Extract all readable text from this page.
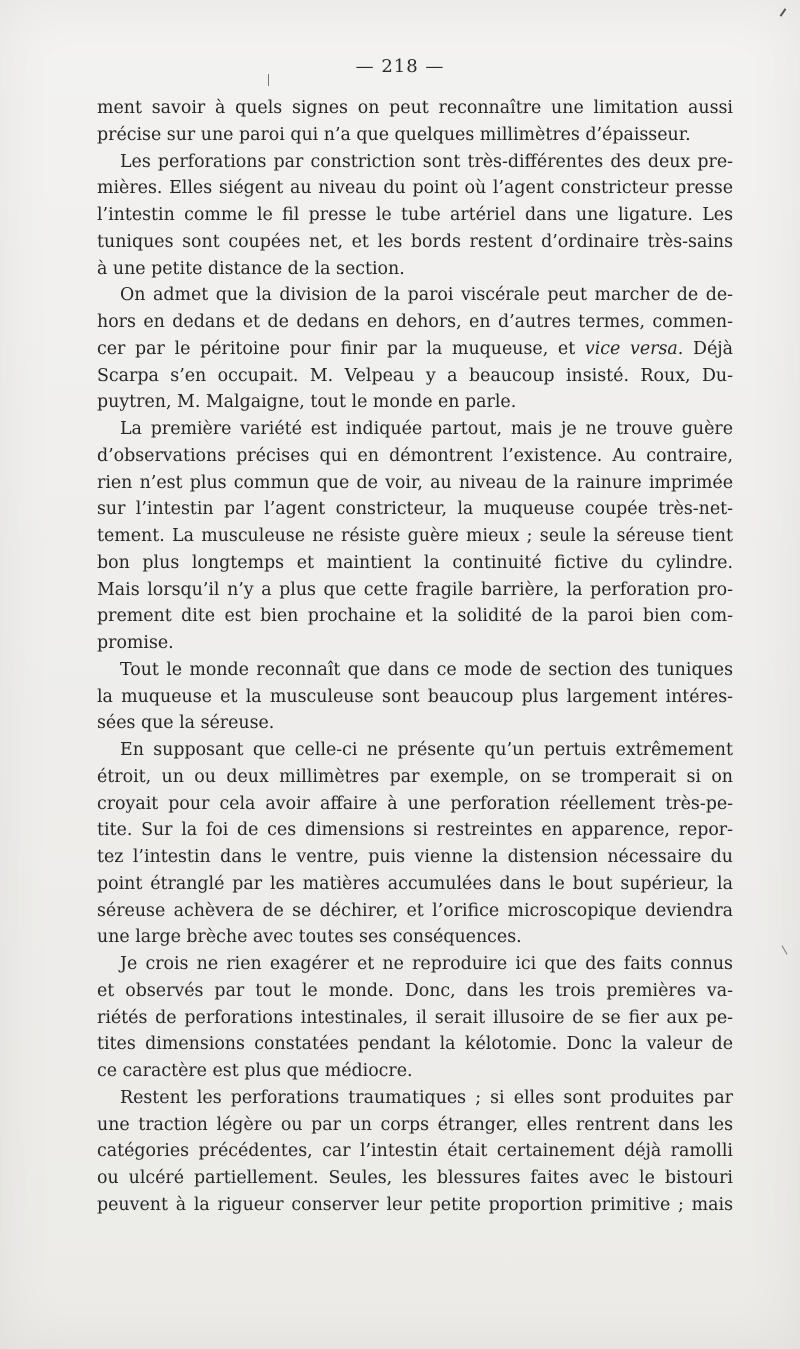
— 218 —
ment savoir à quels signes on peut reconnaître une limitation aussi
précise sur une paroi qui n’a que quelques millimètres d’épaisseur.
Les perforations par constriction sont très-différentes des deux pre-
mières. Elles siégent au niveau du point où l’agent constricteur presse
l’intestin comme le fil presse le tube artériel dans une ligature. Les
tuniques sont coupées net, et les bords restent d’ordinaire très-sains
à une petite distance de la section.
On admet que la division de la paroi viscérale peut marcher de de-
hors en dedans et de dedans en dehors, en d’autres termes, commen-
cer par le péritoine pour finir par la muqueuse, et vice versa. Déjà
Scarpa s’en occupait. M. Velpeau y a beaucoup insisté. Roux, Du-
puytren, M. Malgaigne, tout le monde en parle.
La première variété est indiquée partout, mais je ne trouve guère
d’observations précises qui en démontrent l’existence. Au contraire,
rien n’est plus commun que de voir, au niveau de la rainure imprimée
sur l’intestin par l’agent constricteur, la muqueuse coupée très-net-
tement. La musculeuse ne résiste guère mieux ; seule la séreuse tient
bon plus longtemps et maintient la continuité fictive du cylindre.
Mais lorsqu’il n’y a plus que cette fragile barrière, la perforation pro-
prement dite est bien prochaine et la solidité de la paroi bien com-
promise.
Tout le monde reconnaît que dans ce mode de section des tuniques
la muqueuse et la musculeuse sont beaucoup plus largement intéres-
sées que la séreuse.
En supposant que celle-ci ne présente qu’un pertuis extrêmement
étroit, un ou deux millimètres par exemple, on se tromperait si on
croyait pour cela avoir affaire à une perforation réellement très-pe-
tite. Sur la foi de ces dimensions si restreintes en apparence, repor-
tez l’intestin dans le ventre, puis vienne la distension nécessaire du
point étranglé par les matières accumulées dans le bout supérieur, la
séreuse achèvera de se déchirer, et l’orifice microscopique deviendra
une large brèche avec toutes ses conséquences.
Je crois ne rien exagérer et ne reproduire ici que des faits connus
et observés par tout le monde. Donc, dans les trois premières va-
riétés de perforations intestinales, il serait illusoire de se fier aux pe-
tites dimensions constatées pendant la kélotomie. Donc la valeur de
ce caractère est plus que médiocre.
Restent les perforations traumatiques ; si elles sont produites par
une traction légère ou par un corps étranger, elles rentrent dans les
catégories précédentes, car l’intestin était certainement déjà ramolli
ou ulcéré partiellement. Seules, les blessures faites avec le bistouri
peuvent à la rigueur conserver leur petite proportion primitive ; mais
